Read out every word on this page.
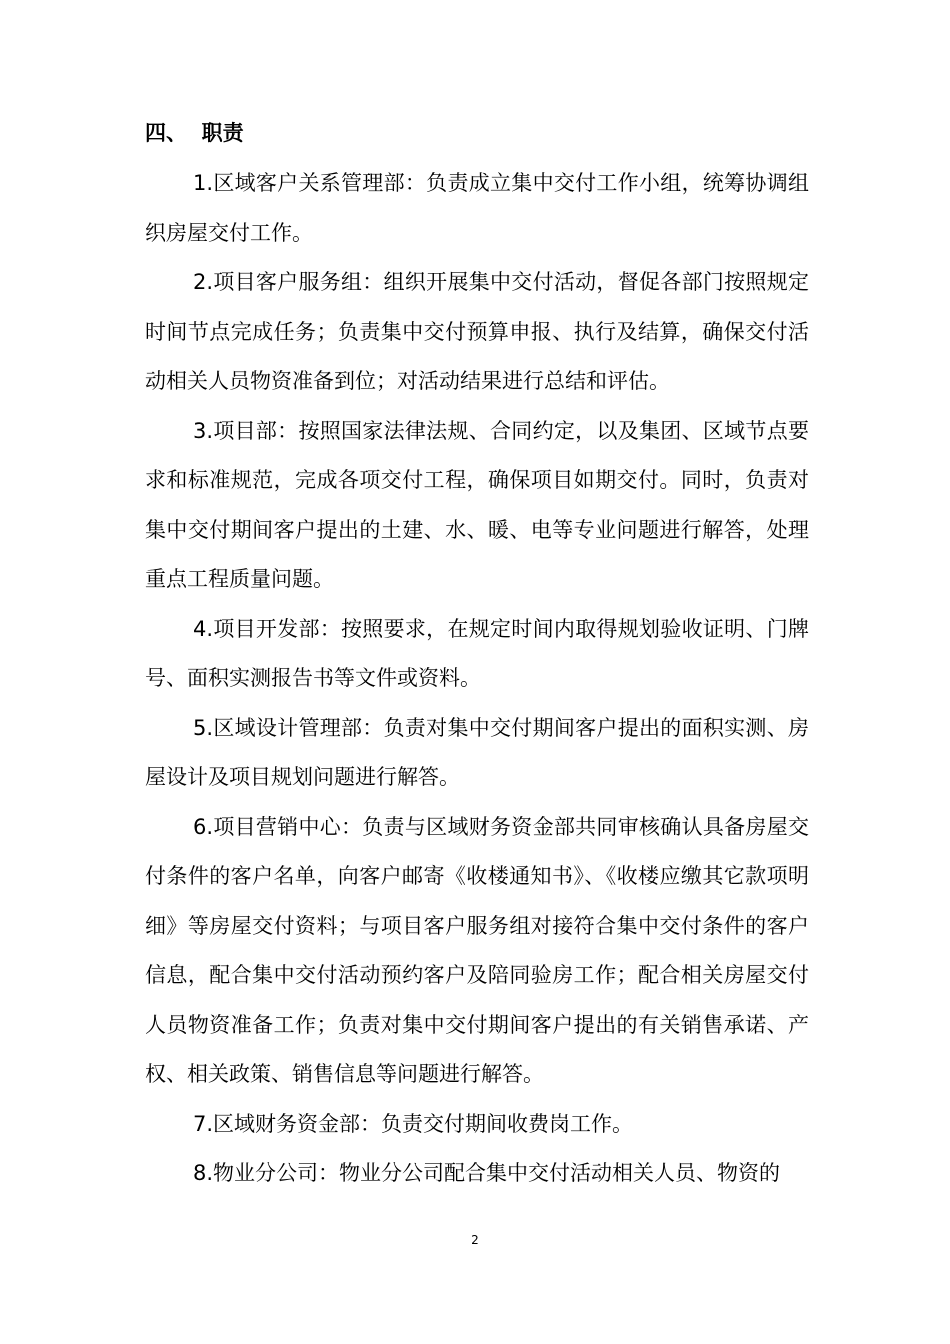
四、  职责

1.区域客户关系管理部：负责成立集中交付工作小组，统筹协调组织房屋交付工作。

2.项目客户服务组：组织开展集中交付活动，督促各部门按照规定时间节点完成任务；负责集中交付预算申报、执行及结算，确保交付活动相关人员物资准备到位；对活动结果进行总结和评估。

3.项目部：按照国家法律法规、合同约定，以及集团、区域节点要求和标准规范，完成各项交付工程，确保项目如期交付。同时，负责对集中交付期间客户提出的土建、水、暖、电等专业问题进行解答，处理重点工程质量问题。

4.项目开发部：按照要求，在规定时间内取得规划验收证明、门牌号、面积实测报告书等文件或资料。

5.区域设计管理部：负责对集中交付期间客户提出的面积实测、房屋设计及项目规划问题进行解答。

6.项目营销中心：负责与区域财务资金部共同审核确认具备房屋交付条件的客户名单，向客户邮寄《收楼通知书》、《收楼应缴其它款项明细》等房屋交付资料；与项目客户服务组对接符合集中交付条件的客户信息，配合集中交付活动预约客户及陪同验房工作；配合相关房屋交付人员物资准备工作；负责对集中交付期间客户提出的有关销售承诺、产权、相关政策、销售信息等问题进行解答。

7.区域财务资金部：负责交付期间收费岗工作。

8.物业分公司：物业分公司配合集中交付活动相关人员、物资的

2
